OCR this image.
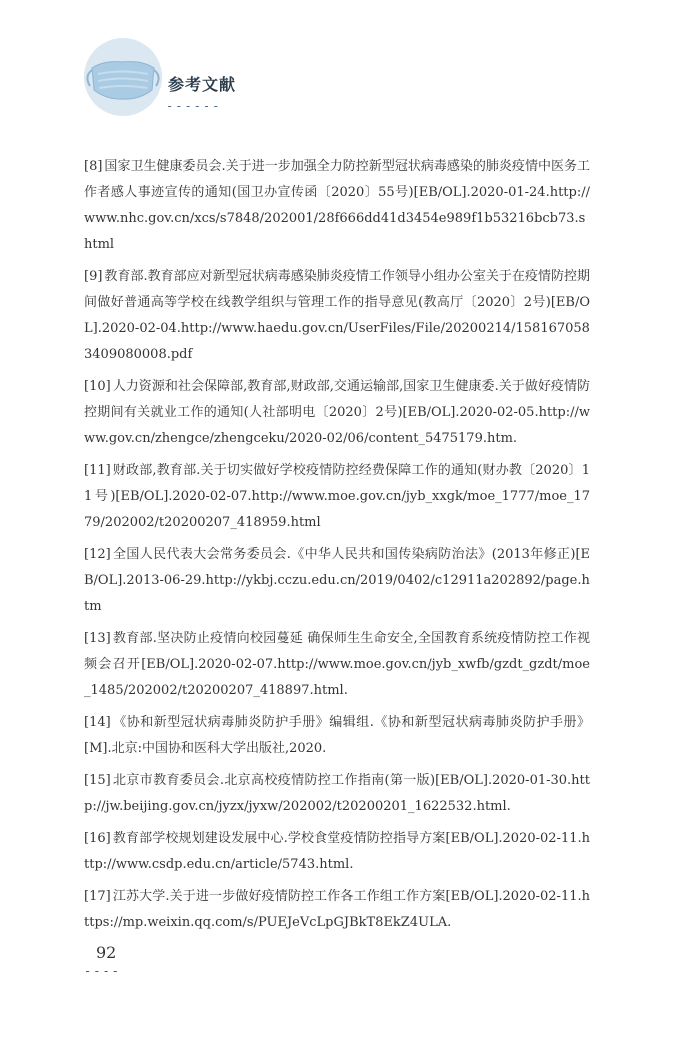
参考文献
------
[8] 国家卫生健康委员会.关于进一步加强全力防控新型冠状病毒感染的肺炎疫情中医务工作者感人事迹宣传的通知(国卫办宣传函〔2020〕55号)[EB/OL].2020-01-24.http://www.nhc.gov.cn/xcs/s7848/202001/28f666dd41d3454e989f1b53216bcb73.shtml
[9] 教育部.教育部应对新型冠状病毒感染肺炎疫情工作领导小组办公室关于在疫情防控期间做好普通高等学校在线教学组织与管理工作的指导意见(教高厅〔2020〕2号)[EB/OL].2020-02-04.http://www.haedu.gov.cn/UserFiles/File/20200214/1581670583409080008.pdf
[10] 人力资源和社会保障部,教育部,财政部,交通运输部,国家卫生健康委.关于做好疫情防控期间有关就业工作的通知(人社部明电〔2020〕2号)[EB/OL].2020-02-05.http://www.gov.cn/zhengce/zhengceku/2020-02/06/content_5475179.htm.
[11] 财政部,教育部.关于切实做好学校疫情防控经费保障工作的通知(财办教〔2020〕11号)[EB/OL].2020-02-07.http://www.moe.gov.cn/jyb_xxgk/moe_1777/moe_1779/202002/t20200207_418959.html
[12] 全国人民代表大会常务委员会.《中华人民共和国传染病防治法》(2013年修正)[EB/OL].2013-06-29.http://ykbj.cczu.edu.cn/2019/0402/c12911a202892/page.htm
[13] 教育部.坚决防止疫情向校园蔓延 确保师生生命安全,全国教育系统疫情防控工作视频会召开[EB/OL].2020-02-07.http://www.moe.gov.cn/jyb_xwfb/gzdt_gzdt/moe_1485/202002/t20200207_418897.html.
[14] 《协和新型冠状病毒肺炎防护手册》编辑组.《协和新型冠状病毒肺炎防护手册》[M].北京:中国协和医科大学出版社,2020.
[15] 北京市教育委员会.北京高校疫情防控工作指南(第一版)[EB/OL].2020-01-30.http://jw.beijing.gov.cn/jyzx/jyxw/202002/t20200201_1622532.html.
[16] 教育部学校规划建设发展中心.学校食堂疫情防控指导方案[EB/OL].2020-02-11.http://www.csdp.edu.cn/article/5743.html.
[17] 江苏大学.关于进一步做好疫情防控工作各工作组工作方案[EB/OL].2020-02-11.https://mp.weixin.qq.com/s/PUEJeVcLpGJBkT8EkZ4ULA.
92
----
